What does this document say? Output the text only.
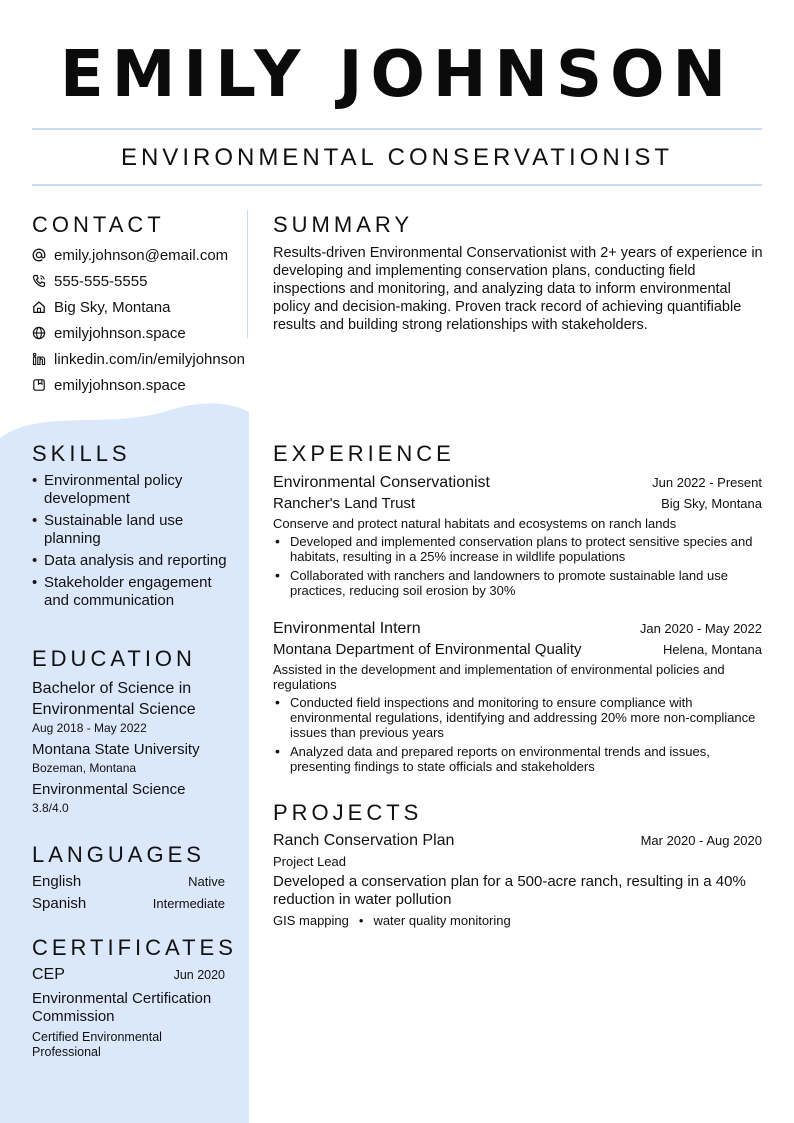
EMILY JOHNSON
ENVIRONMENTAL CONSERVATIONIST
CONTACT
emily.johnson@email.com
555-555-5555
Big Sky, Montana
emilyjohnson.space
linkedin.com/in/emilyjohnson
emilyjohnson.space
SUMMARY
Results-driven Environmental Conservationist with 2+ years of experience in developing and implementing conservation plans, conducting field inspections and monitoring, and analyzing data to inform environmental policy and decision-making. Proven track record of achieving quantifiable results and building strong relationships with stakeholders.
SKILLS
• Environmental policy development
• Sustainable land use planning
• Data analysis and reporting
• Stakeholder engagement and communication
EDUCATION
Bachelor of Science in Environmental Science
Aug 2018 - May 2022
Montana State University
Bozeman, Montana
Environmental Science
3.8/4.0
LANGUAGES
English	Native
Spanish	Intermediate
CERTIFICATES
CEP	Jun 2020
Environmental Certification Commission
Certified Environmental Professional
EXPERIENCE
Environmental Conservationist	Jun 2022 - Present
Rancher's Land Trust	Big Sky, Montana
Conserve and protect natural habitats and ecosystems on ranch lands
• Developed and implemented conservation plans to protect sensitive species and habitats, resulting in a 25% increase in wildlife populations
• Collaborated with ranchers and landowners to promote sustainable land use practices, reducing soil erosion by 30%
Environmental Intern	Jan 2020 - May 2022
Montana Department of Environmental Quality	Helena, Montana
Assisted in the development and implementation of environmental policies and regulations
• Conducted field inspections and monitoring to ensure compliance with environmental regulations, identifying and addressing 20% more non-compliance issues than previous years
• Analyzed data and prepared reports on environmental trends and issues, presenting findings to state officials and stakeholders
PROJECTS
Ranch Conservation Plan	Mar 2020 - Aug 2020
Project Lead
Developed a conservation plan for a 500-acre ranch, resulting in a 40% reduction in water pollution
GIS mapping • water quality monitoring
